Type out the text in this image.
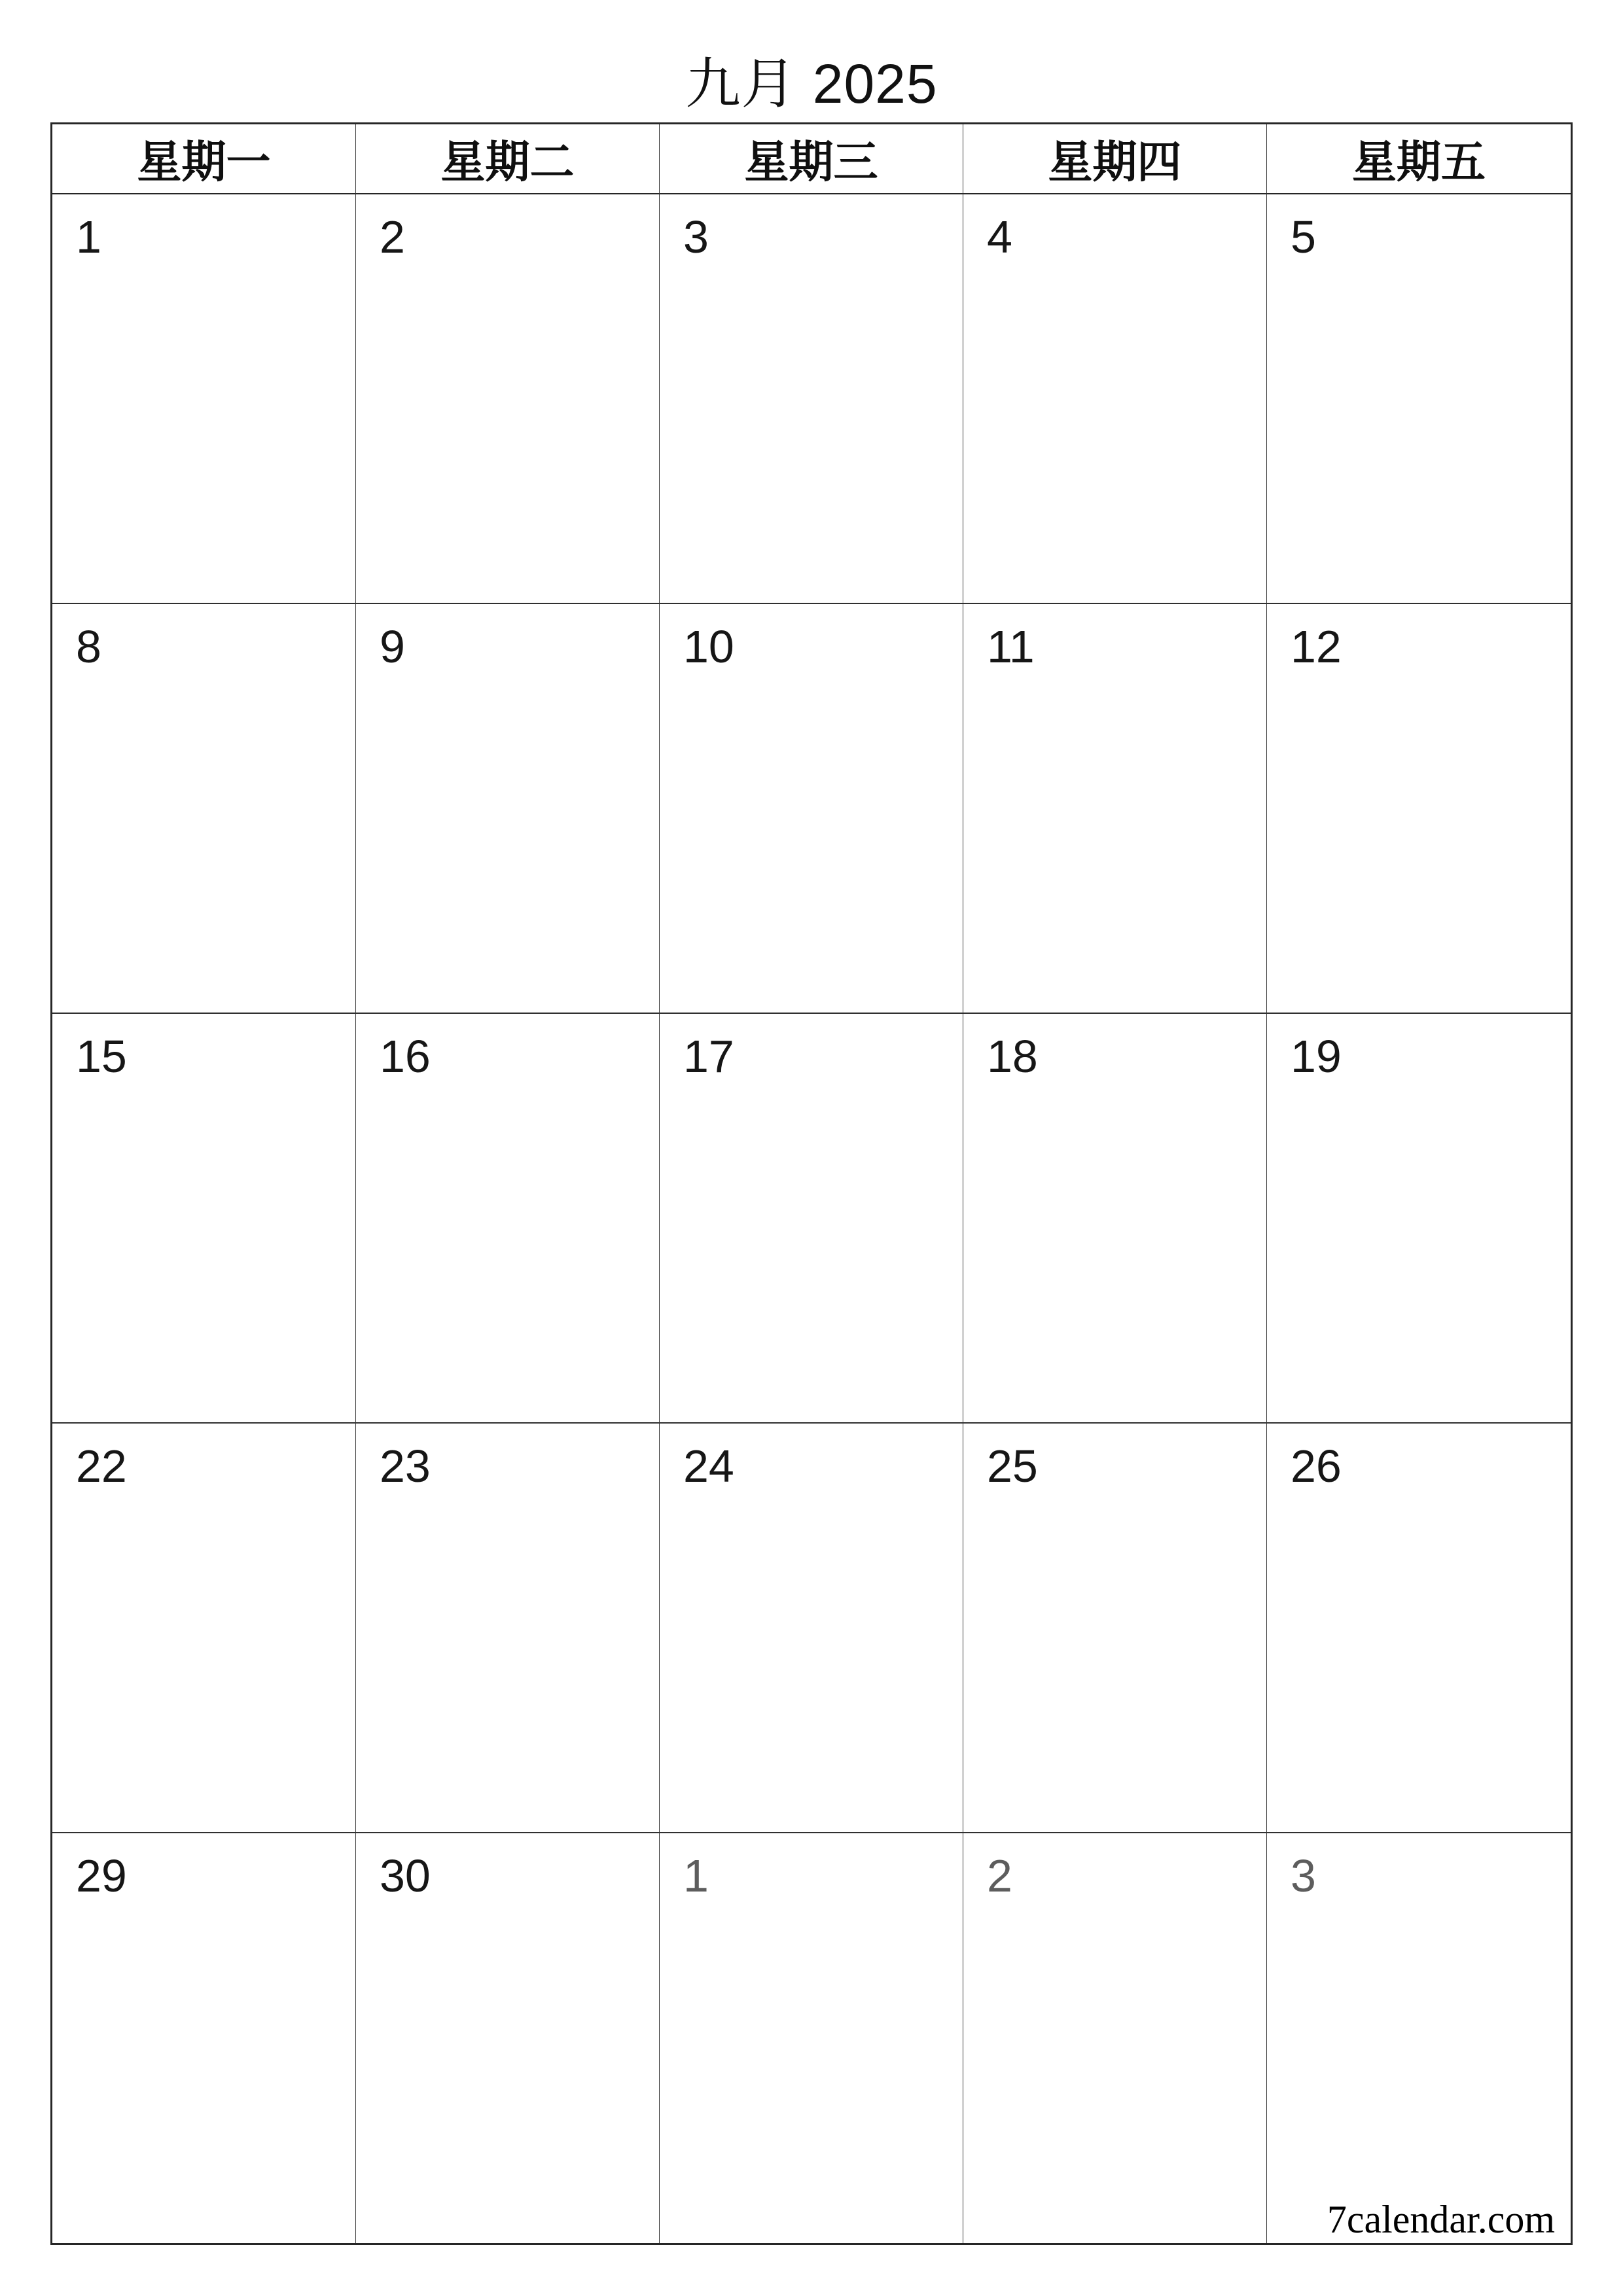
九月 2025
星期一	星期二	星期三	星期四	星期五
1	2	3	4	5
8	9	10	11	12
15	16	17	18	19
22	23	24	25	26
29	30	1	2	3
7calendar.com
